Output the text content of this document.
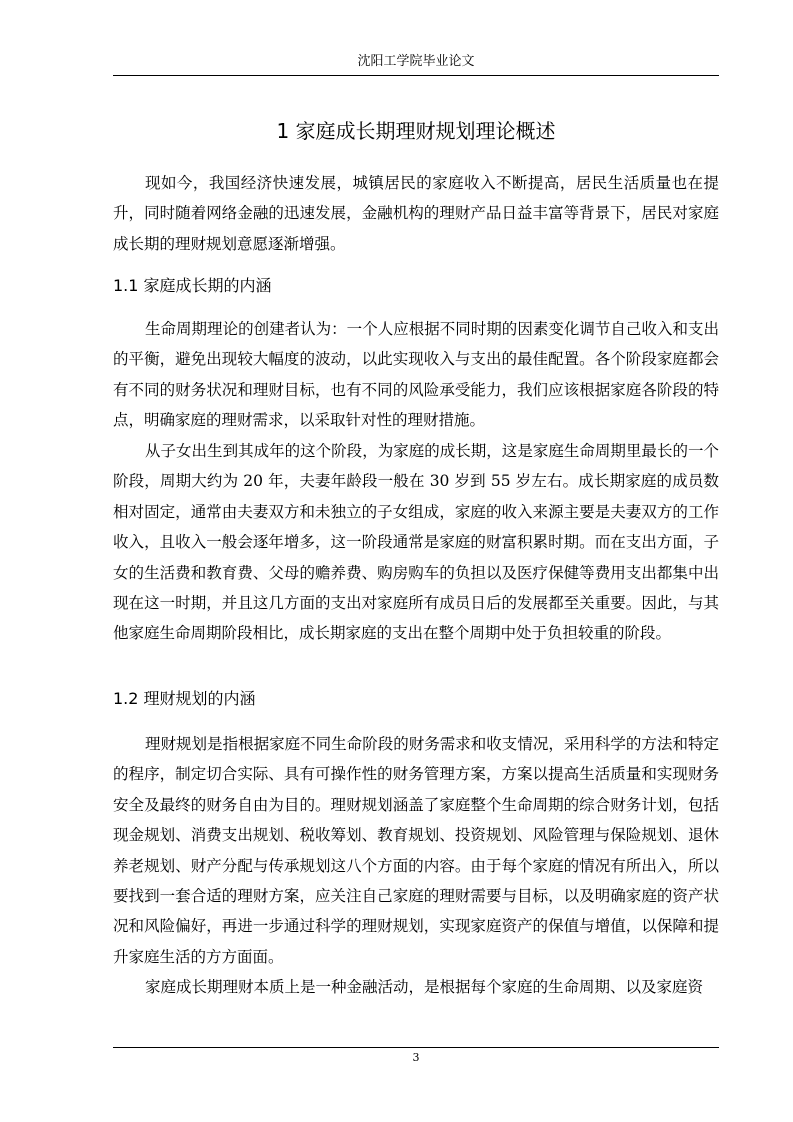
沈阳工学院毕业论文
1 家庭成长期理财规划理论概述

现如今，我国经济快速发展，城镇居民的家庭收入不断提高，居民生活质量也在提升，同时随着网络金融的迅速发展，金融机构的理财产品日益丰富等背景下，居民对家庭成长期的理财规划意愿逐渐增强。

1.1 家庭成长期的内涵

生命周期理论的创建者认为：一个人应根据不同时期的因素变化调节自己收入和支出的平衡，避免出现较大幅度的波动，以此实现收入与支出的最佳配置。各个阶段家庭都会有不同的财务状况和理财目标，也有不同的风险承受能力，我们应该根据家庭各阶段的特点，明确家庭的理财需求，以采取针对性的理财措施。

从子女出生到其成年的这个阶段，为家庭的成长期，这是家庭生命周期里最长的一个阶段，周期大约为 20 年，夫妻年龄段一般在 30 岁到 55 岁左右。成长期家庭的成员数相对固定，通常由夫妻双方和未独立的子女组成，家庭的收入来源主要是夫妻双方的工作收入，且收入一般会逐年增多，这一阶段通常是家庭的财富积累时期。而在支出方面，子女的生活费和教育费、父母的赡养费、购房购车的负担以及医疗保健等费用支出都集中出现在这一时期，并且这几方面的支出对家庭所有成员日后的发展都至关重要。因此，与其他家庭生命周期阶段相比，成长期家庭的支出在整个周期中处于负担较重的阶段。

1.2 理财规划的内涵

理财规划是指根据家庭不同生命阶段的财务需求和收支情况，采用科学的方法和特定的程序，制定切合实际、具有可操作性的财务管理方案，方案以提高生活质量和实现财务安全及最终的财务自由为目的。理财规划涵盖了家庭整个生命周期的综合财务计划，包括现金规划、消费支出规划、税收筹划、教育规划、投资规划、风险管理与保险规划、退休养老规划、财产分配与传承规划这八个方面的内容。由于每个家庭的情况有所出入，所以要找到一套合适的理财方案，应关注自己家庭的理财需要与目标，以及明确家庭的资产状况和风险偏好，再进一步通过科学的理财规划，实现家庭资产的保值与增值，以保障和提升家庭生活的方方面面。

家庭成长期理财本质上是一种金融活动，是根据每个家庭的生命周期、以及家庭资

3
